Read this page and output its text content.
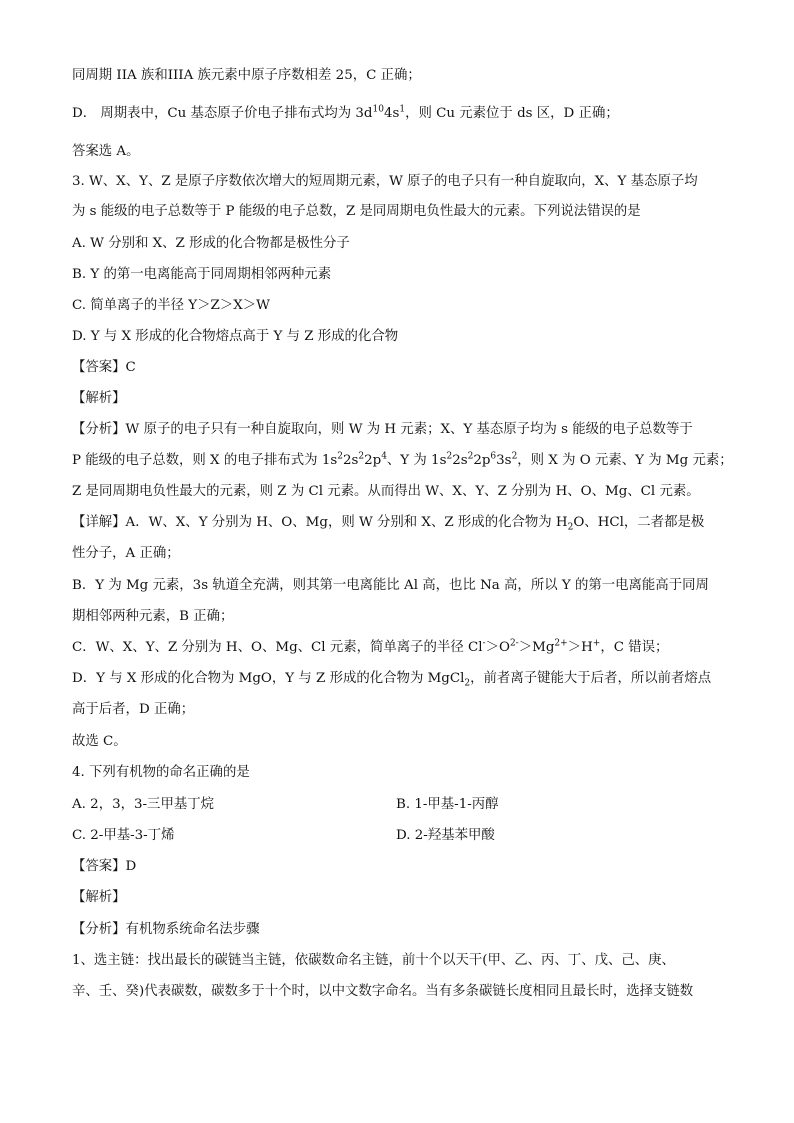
同周期 IIA 族和IIIA 族元素中原子序数相差 25，C 正确；
D． 周期表中，Cu 基态原子价电子排布式均为 $3d^{10}4s^1$，则 Cu 元素位于 ds 区，D 正确；
答案选 A。
3. W、X、Y、Z 是原子序数依次增大的短周期元素，W 原子的电子只有一种自旋取向，X、Y 基态原子均
为 s 能级的电子总数等于 P 能级的电子总数，Z 是同周期电负性最大的元素。下列说法错误的是
A. W 分别和 X、Z 形成的化合物都是极性分子
B. Y 的第一电离能高于同周期相邻两种元素
C. 简单离子的半径 Y＞Z＞X＞W
D. Y 与 X 形成的化合物熔点高于 Y 与 Z 形成的化合物
【答案】C
【解析】
【分析】W 原子的电子只有一种自旋取向，则 W 为 H 元素；X、Y 基态原子均为 s 能级的电子总数等于
P 能级的电子总数，则 X 的电子排布式为 $1s^22s^22p^4$、Y 为 $1s^22s^22p^63s^2$，则 X 为 O 元素、Y 为 Mg 元素；
Z 是同周期电负性最大的元素，则 Z 为 Cl 元素。从而得出 W、X、Y、Z 分别为 H、O、Mg、Cl 元素。
【详解】A．W、X、Y 分别为 H、O、Mg，则 W 分别和 X、Z 形成的化合物为 $H_2O$、HCl，二者都是极
性分子，A 正确；
B．Y 为 Mg 元素，3s 轨道全充满，则其第一电离能比 Al 高，也比 Na 高，所以 Y 的第一电离能高于同周
期相邻两种元素，B 正确；
C．W、X、Y、Z 分别为 H、O、Mg、Cl 元素，简单离子的半径 $Cl^->O^{2-}>Mg^{2+}>H^+$，C 错误；
D．Y 与 X 形成的化合物为 MgO，Y 与 Z 形成的化合物为 MgCl$_2$，前者离子键能大于后者，所以前者熔点
高于后者，D 正确；
故选 C。
4. 下列有机物的命名正确的是
A. 2，3，3-三甲基丁烷	B. 1-甲基-1-丙醇
C. 2-甲基-3-丁烯	D. 2-羟基苯甲酸
【答案】D
【解析】
【分析】有机物系统命名法步骤
1、选主链：找出最长的碳链当主链，依碳数命名主链，前十个以天干(甲、乙、丙、丁、戊、己、庚、
辛、壬、癸)代表碳数，碳数多于十个时，以中文数字命名。当有多条碳链长度相同且最长时，选择支链数
